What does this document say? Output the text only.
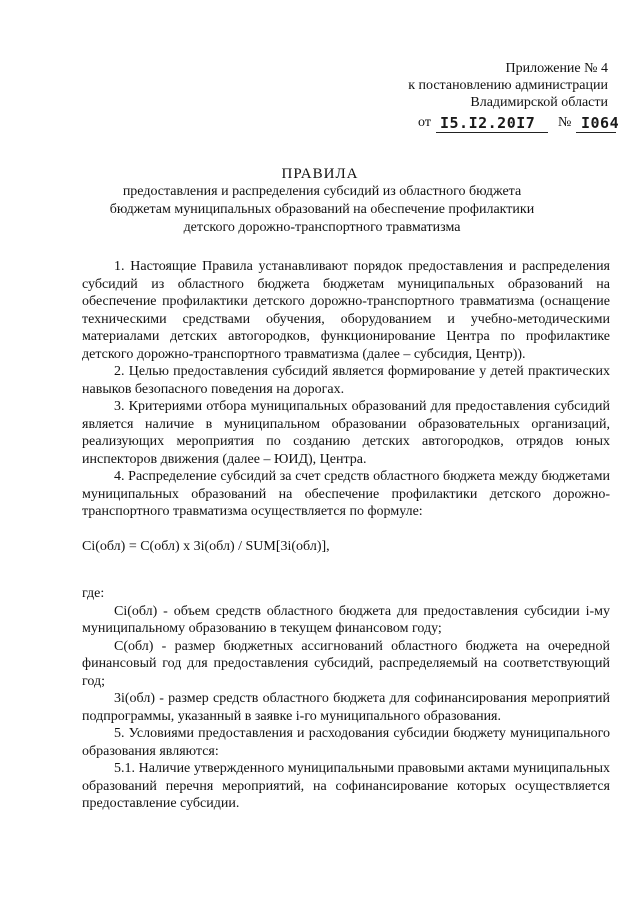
Приложение № 4
к постановлению администрации
Владимирской области
от I5.I2.20I7 № I064
ПРАВИЛА
предоставления и распределения субсидий из областного бюджета бюджетам муниципальных образований на обеспечение профилактики детского дорожно-транспортного травматизма

1. Настоящие Правила устанавливают порядок предоставления и распределения субсидий из областного бюджета бюджетам муниципальных образований на обеспечение профилактики детского дорожно-транспортного травматизма (оснащение техническими средствами обучения, оборудованием и учебно-методическими материалами детских автогородков, функционирование Центра по профилактике детского дорожно-транспортного травматизма (далее – субсидия, Центр)).

2. Целью предоставления субсидий является формирование у детей практических навыков безопасного поведения на дорогах.

3. Критериями отбора муниципальных образований для предоставления субсидий является наличие в муниципальном образовании образовательных организаций, реализующих мероприятия по созданию детских автогородков, отрядов юных инспекторов движения (далее – ЮИД), Центра.

4. Распределение субсидий за счет средств областного бюджета между бюджетами муниципальных образований на обеспечение профилактики детского дорожно-транспортного травматизма осуществляется по формуле:

Ci(обл) = C(обл) x 3i(обл) / SUM[3i(обл)],

где:

Ci(обл) - объем средств областного бюджета для предоставления субсидии i-му муниципальному образованию в текущем финансовом году;

C(обл) - размер бюджетных ассигнований областного бюджета на очередной финансовый год для предоставления субсидий, распределяемый на соответствующий год;

3i(обл) - размер средств областного бюджета для софинансирования мероприятий подпрограммы, указанный в заявке i-го муниципального образования.

5. Условиями предоставления и расходования субсидии бюджету муниципального образования являются:

5.1. Наличие утвержденного муниципальными правовыми актами муниципальных образований перечня мероприятий, на софинансирование которых осуществляется предоставление субсидии.
